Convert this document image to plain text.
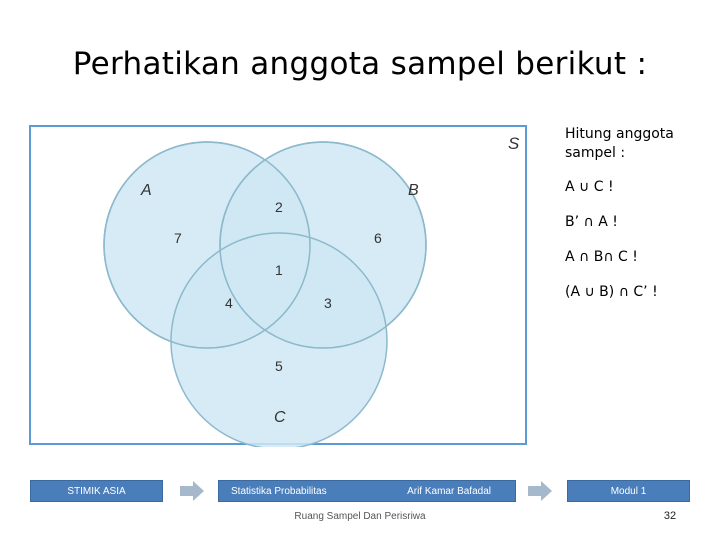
Perhatikan anggota sampel berikut :
S
A	B
C
7
2
6
1
4	3
5
Hitung anggota sampel :
A ∪ C !
B’ ∩ A !
A ∩ B∩ C !
(A ∪ B) ∩ C’ !
STIMIK ASIA	Statistika Probabilitas	Arif Kamar Bafadal	Modul 1
Ruang Sampel Dan Perisriwa	32
